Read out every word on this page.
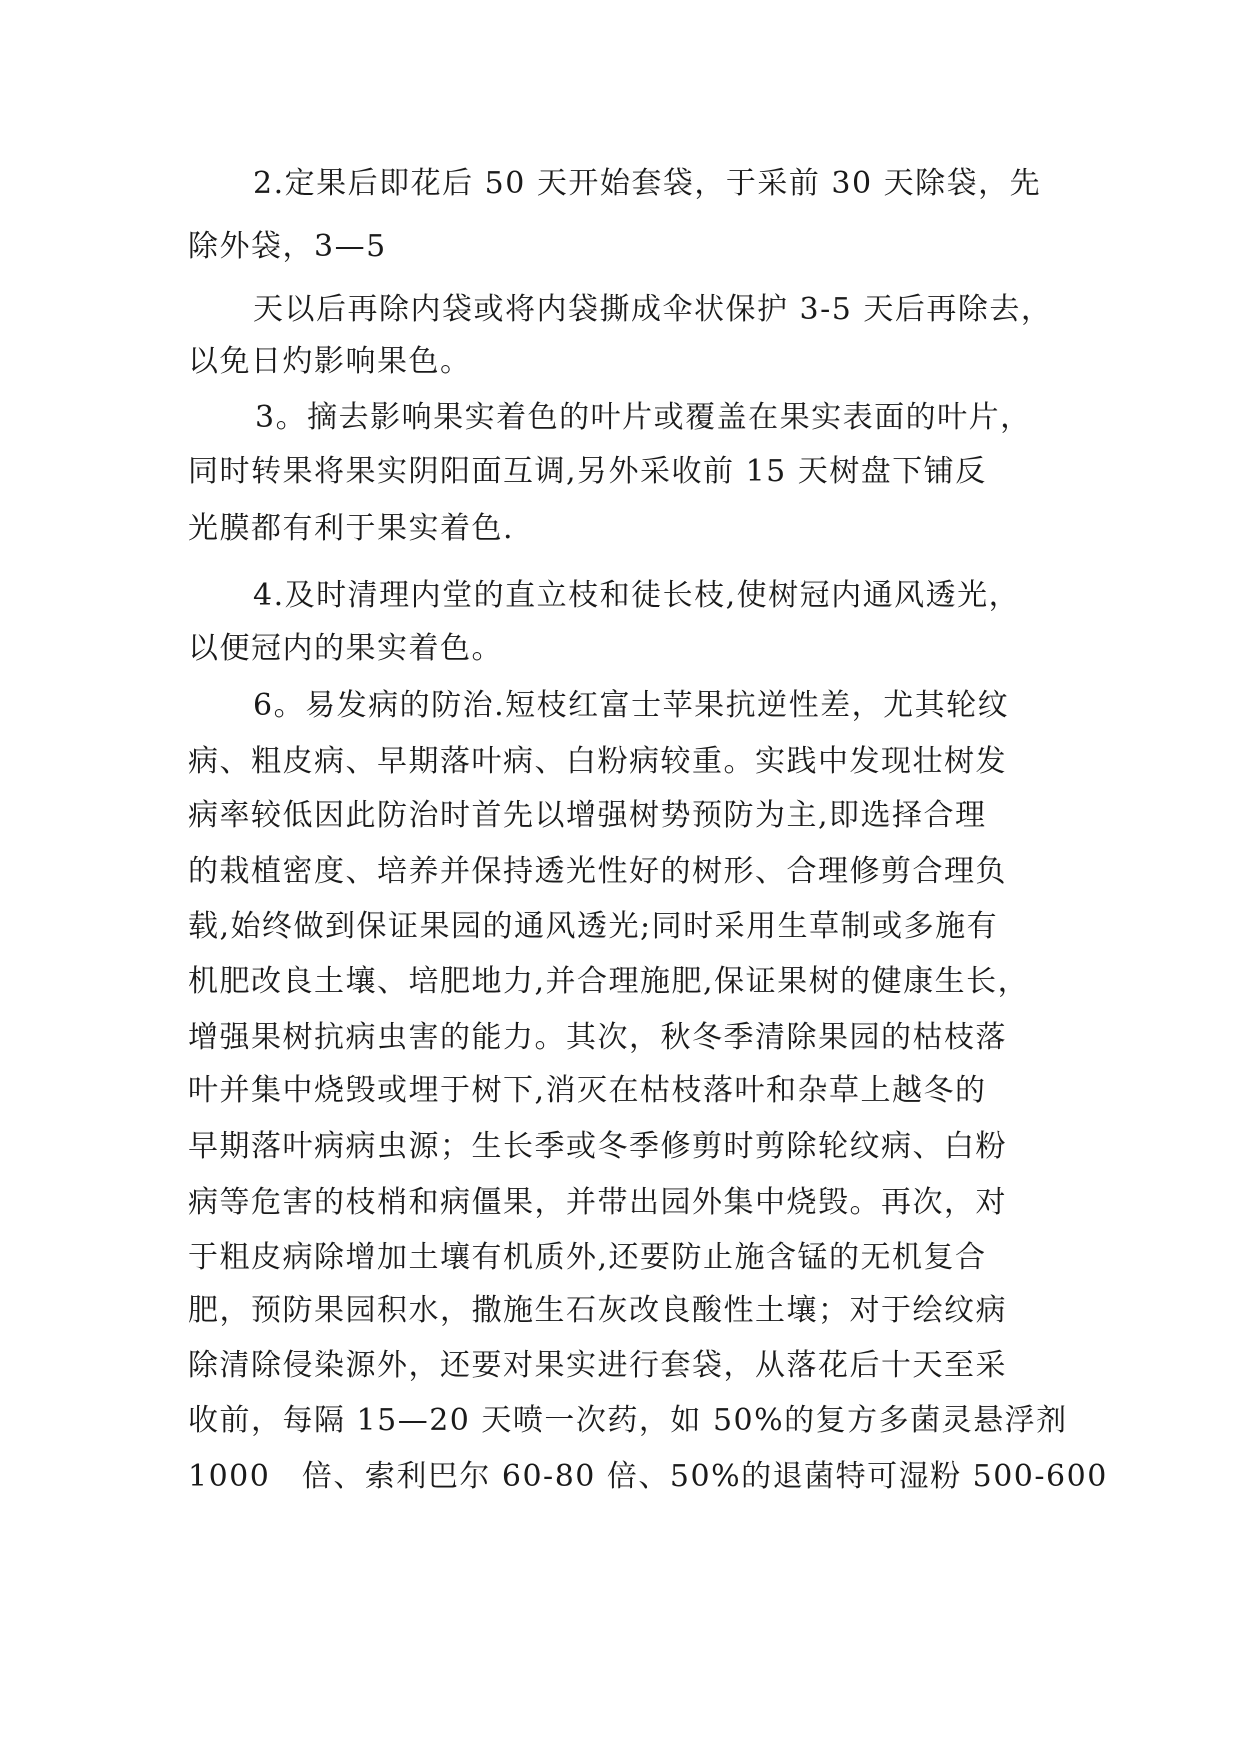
2.定果后即花后 50 天开始套袋，于采前 30 天除袋，先
除外袋，3—5
天以后再除内袋或将内袋撕成伞状保护 3-5 天后再除去，
以免日灼影响果色。
3。摘去影响果实着色的叶片或覆盖在果实表面的叶片，
同时转果将果实阴阳面互调,另外采收前 15 天树盘下铺反
光膜都有利于果实着色.
4.及时清理内堂的直立枝和徒长枝,使树冠内通风透光，
以便冠内的果实着色。
6。易发病的防治.短枝红富士苹果抗逆性差，尤其轮纹
病、粗皮病、早期落叶病、白粉病较重。实践中发现壮树发
病率较低因此防治时首先以增强树势预防为主,即选择合理
的栽植密度、培养并保持透光性好的树形、合理修剪合理负
载,始终做到保证果园的通风透光;同时采用生草制或多施有
机肥改良土壤、培肥地力,并合理施肥,保证果树的健康生长，
增强果树抗病虫害的能力。其次，秋冬季清除果园的枯枝落
叶并集中烧毁或埋于树下,消灭在枯枝落叶和杂草上越冬的
早期落叶病病虫源；生长季或冬季修剪时剪除轮纹病、白粉
病等危害的枝梢和病僵果，并带出园外集中烧毁。再次，对
于粗皮病除增加土壤有机质外,还要防止施含锰的无机复合
肥，预防果园积水，撒施生石灰改良酸性土壤；对于绘纹病
除清除侵染源外，还要对果实进行套袋，从落花后十天至采
收前，每隔 15—20 天喷一次药，如 50%的复方多菌灵悬浮剂
1000　倍、索利巴尔 60-80 倍、50%的退菌特可湿粉 500-600
